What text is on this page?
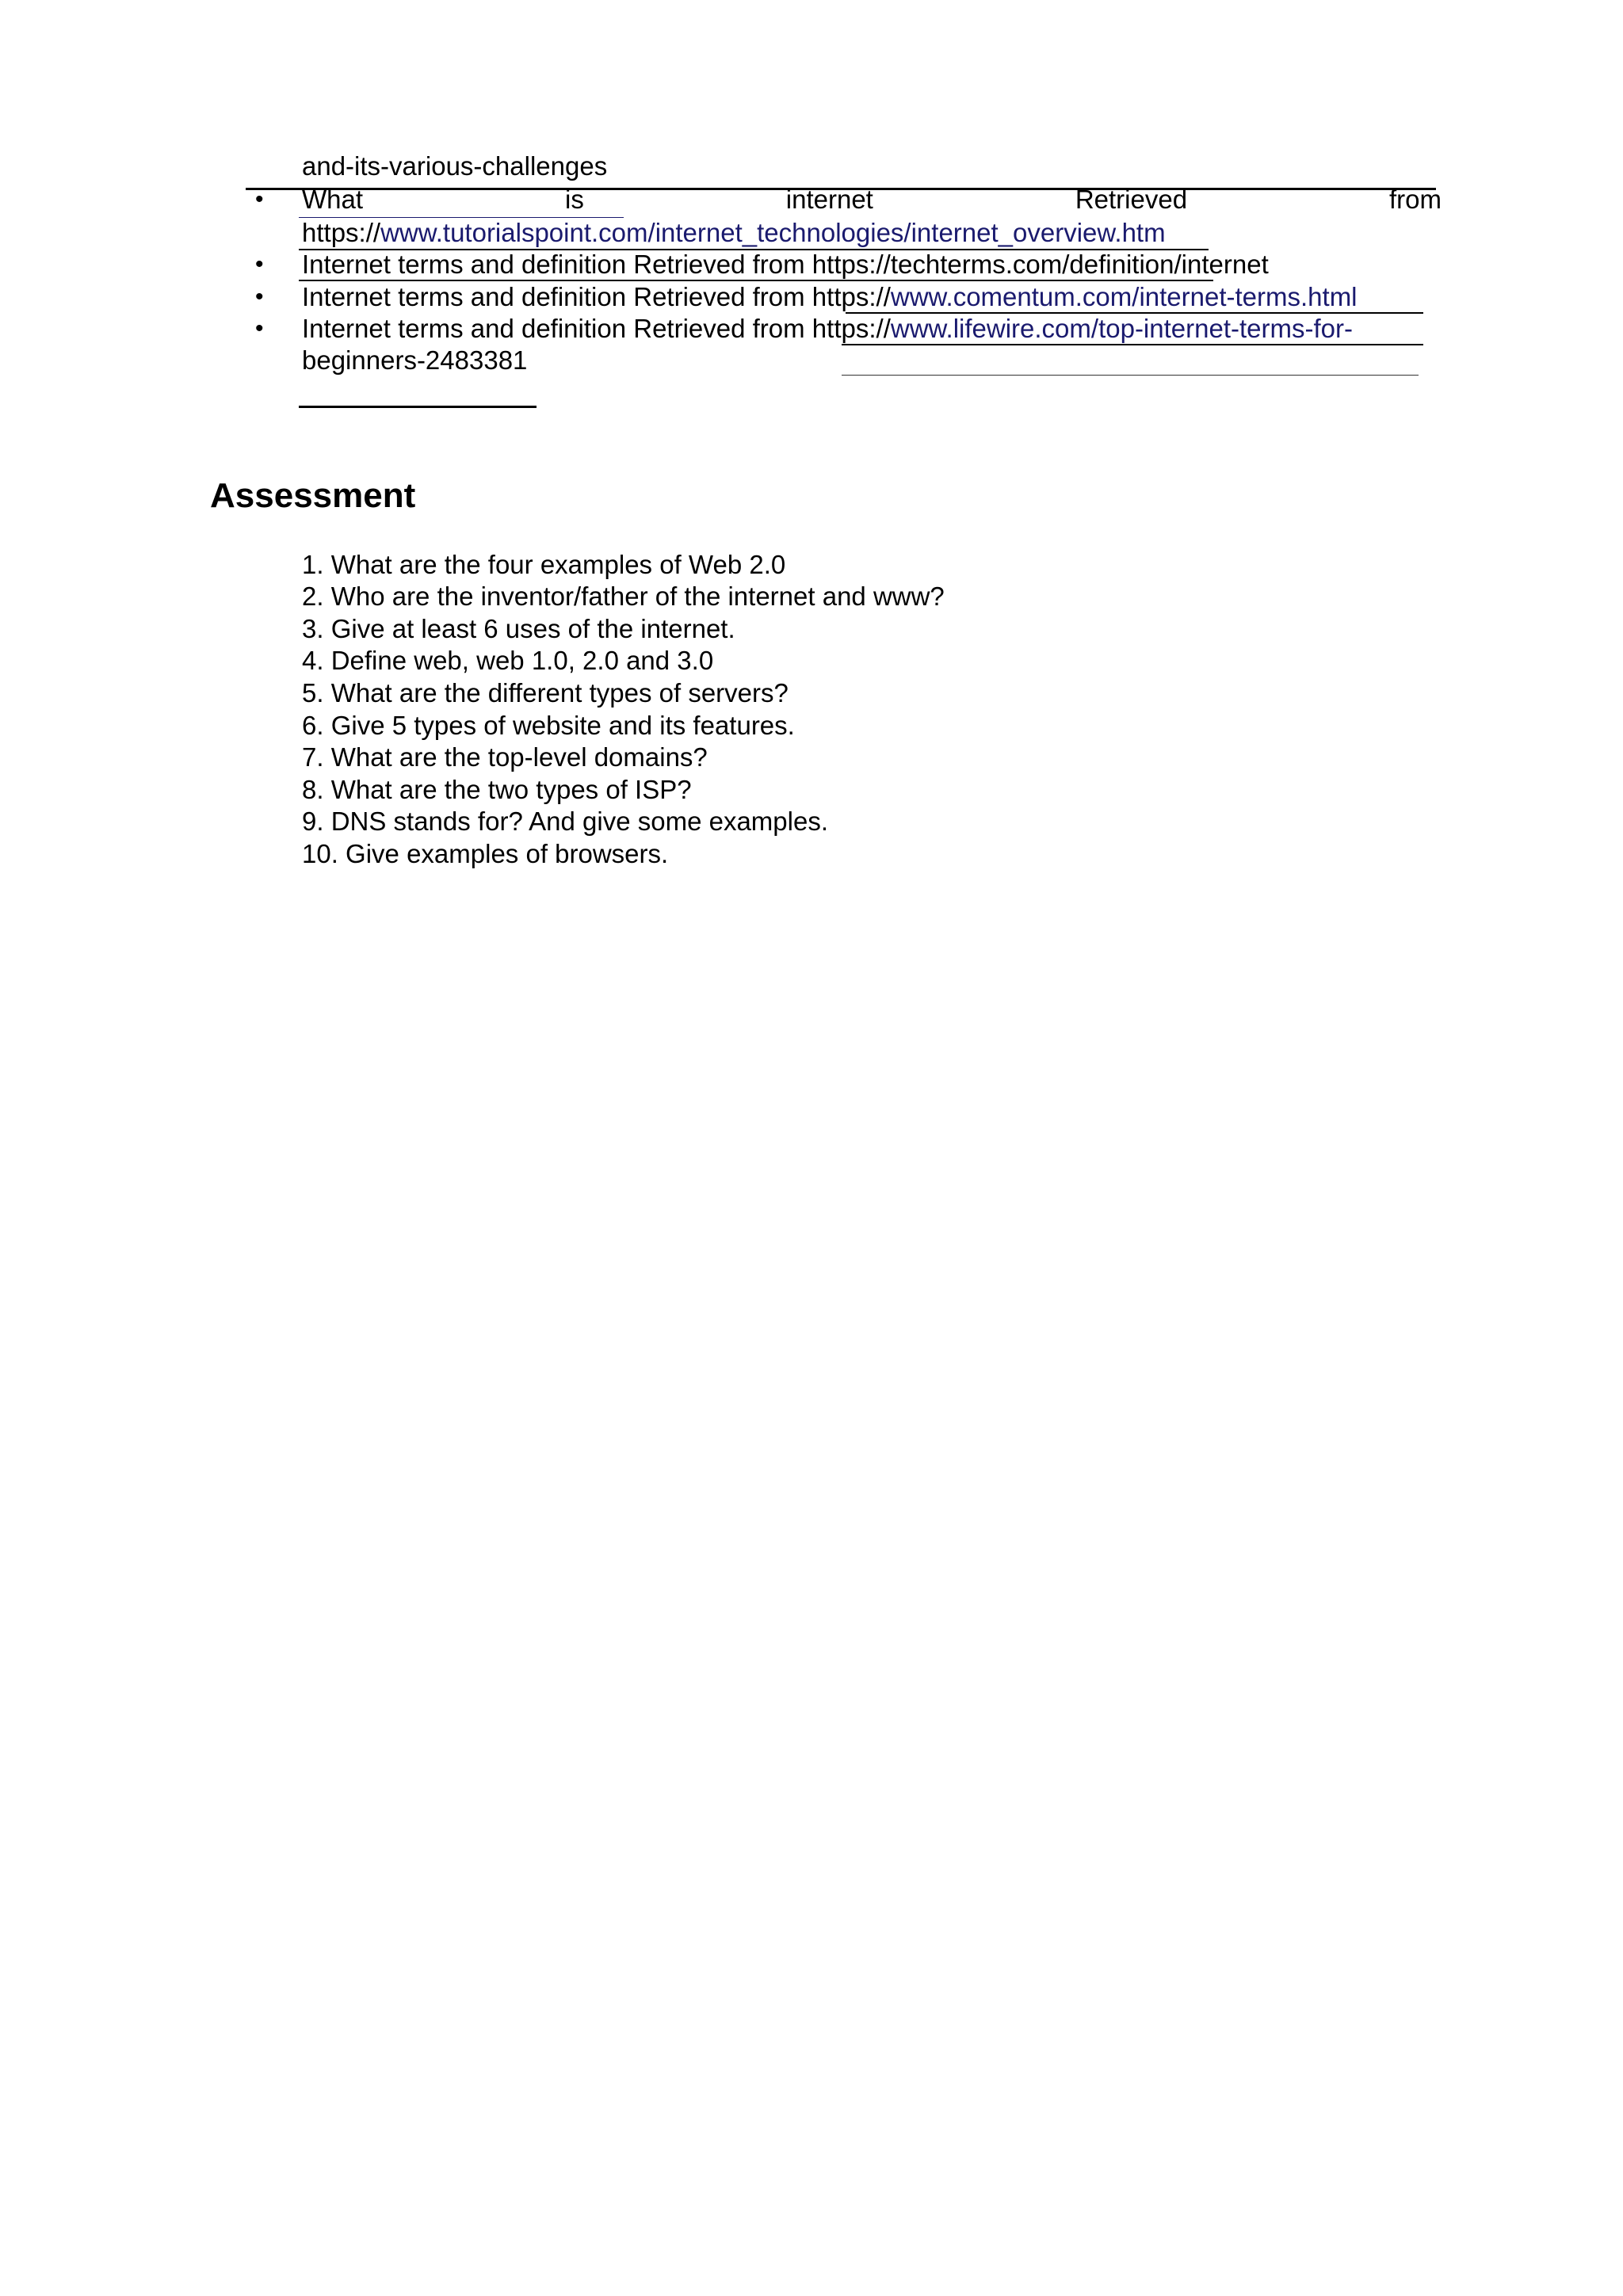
and-its-various-challenges
• What	is	internet	Retrieved	from
https://www.tutorialspoint.com/internet_technologies/internet_overview.htm
• Internet terms and definition Retrieved from https://techterms.com/definition/internet
• Internet terms and definition Retrieved from https://www.comentum.com/internet-terms.html
• Internet terms and definition Retrieved from https://www.lifewire.com/top-internet-terms-for-
beginners-2483381
Assessment
1. What are the four examples of Web 2.0
2. Who are the inventor/father of the internet and www?
3. Give at least 6 uses of the internet.
4. Define web, web 1.0, 2.0 and 3.0
5. What are the different types of servers?
6. Give 5 types of website and its features.
7. What are the top-level domains?
8. What are the two types of ISP?
9. DNS stands for? And give some examples.
10. Give examples of browsers.
